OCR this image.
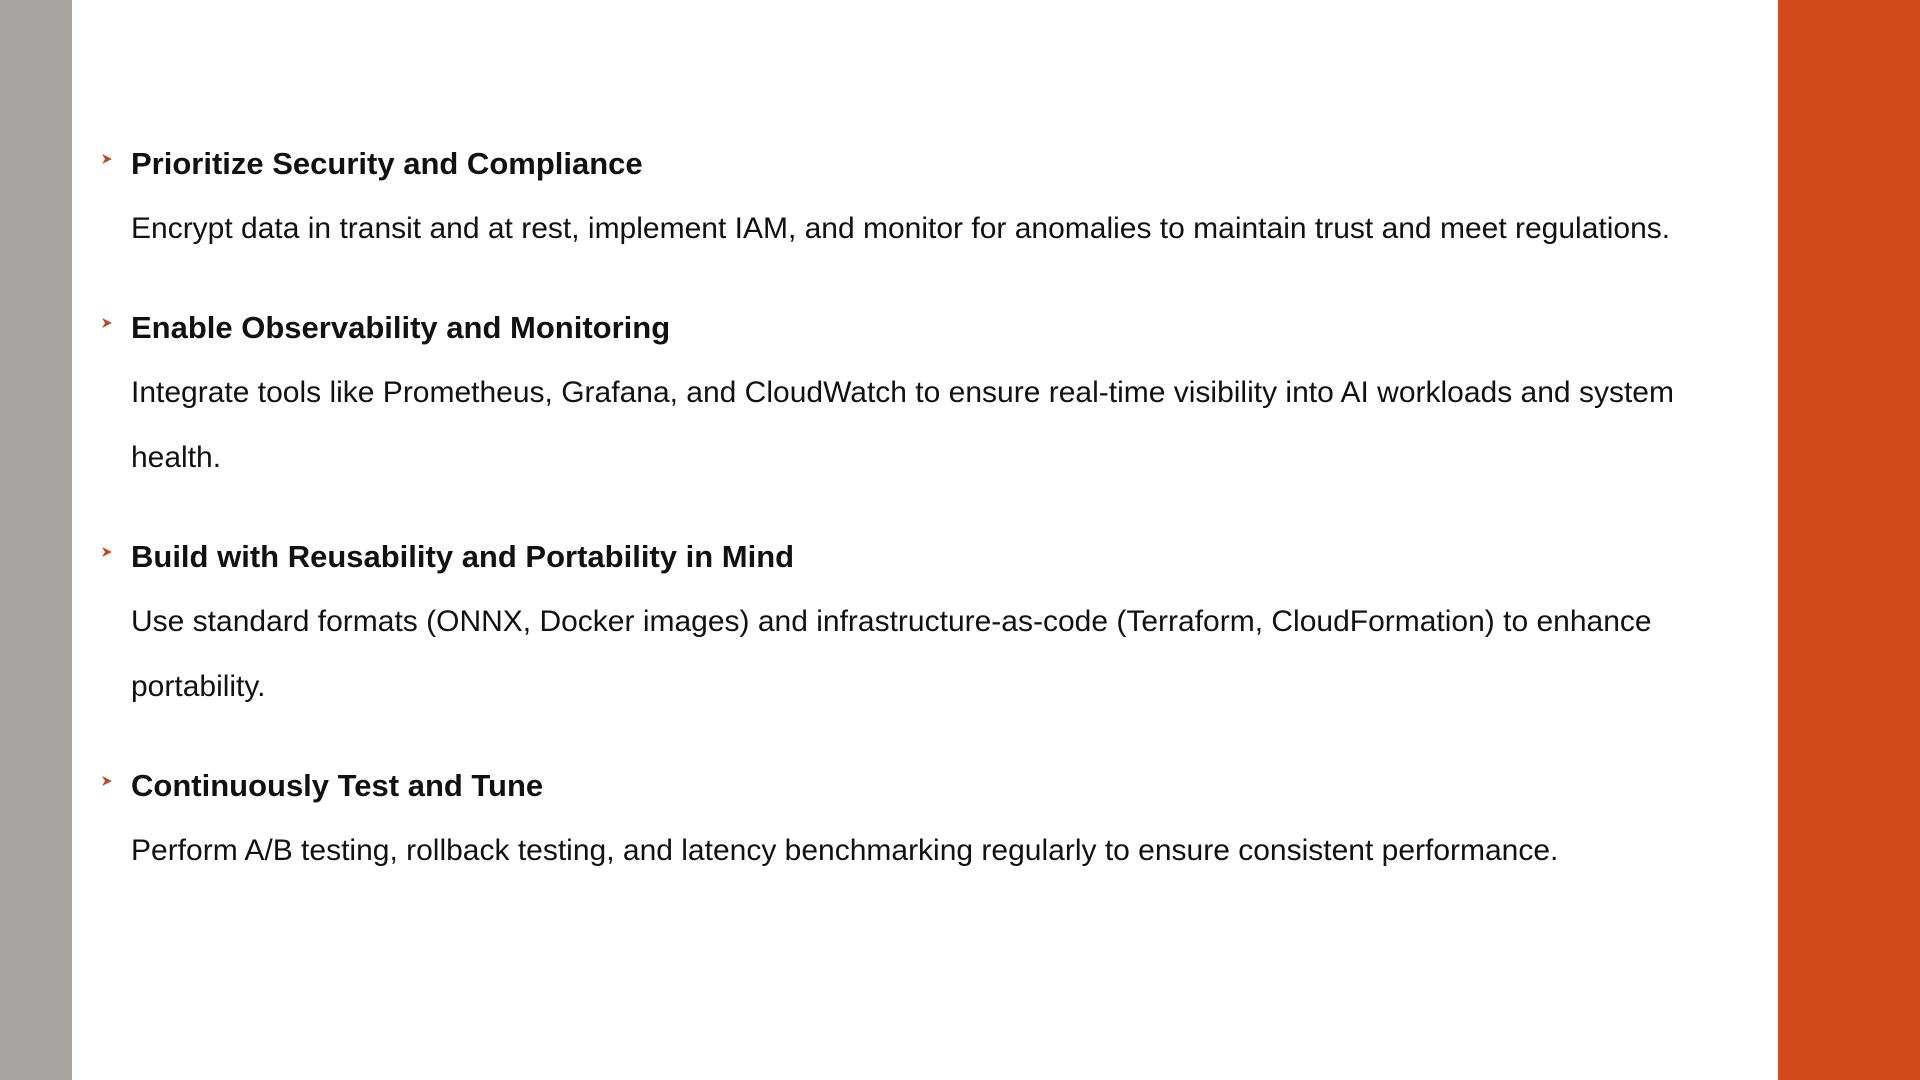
Prioritize Security and Compliance
Encrypt data in transit and at rest, implement IAM, and monitor for anomalies to maintain trust and meet regulations.
Enable Observability and Monitoring
Integrate tools like Prometheus, Grafana, and CloudWatch to ensure real-time visibility into AI workloads and system health.
Build with Reusability and Portability in Mind
Use standard formats (ONNX, Docker images) and infrastructure-as-code (Terraform, CloudFormation) to enhance portability.
Continuously Test and Tune
Perform A/B testing, rollback testing, and latency benchmarking regularly to ensure consistent performance.
